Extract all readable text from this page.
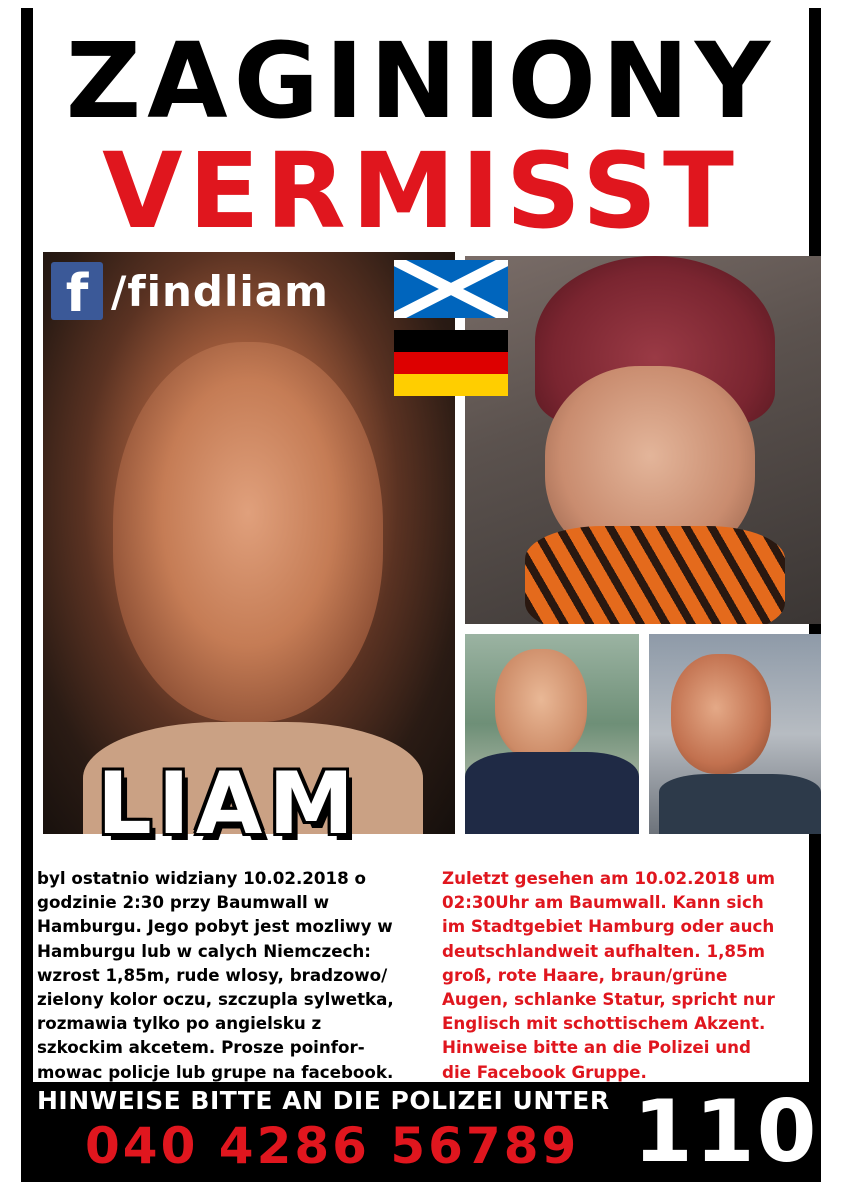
ZAGINIONY
VERMISST
f /findliam
LIAM
byl ostatnio widziany 10.02.2018 o
godzinie 2:30 przy Baumwall w
Hamburgu. Jego pobyt jest mozliwy w
Hamburgu lub w calych Niemczech:
wzrost 1,85m, rude wlosy, bradzowo/
zielony kolor oczu, szczupla sylwetka,
rozmawia tylko po angielsku z
szkockim akcetem. Prosze poinfor-
mowac policje lub grupe na facebook.
Zuletzt gesehen am 10.02.2018 um
02:30Uhr am Baumwall. Kann sich
im Stadtgebiet Hamburg oder auch
deutschlandweit aufhalten. 1,85m
groß, rote Haare, braun/grüne
Augen, schlanke Statur, spricht nur
Englisch mit schottischem Akzent.
Hinweise bitte an die Polizei und
die Facebook Gruppe.
HINWEISE BITTE AN DIE POLIZEI UNTER
040 4286 56789 110
